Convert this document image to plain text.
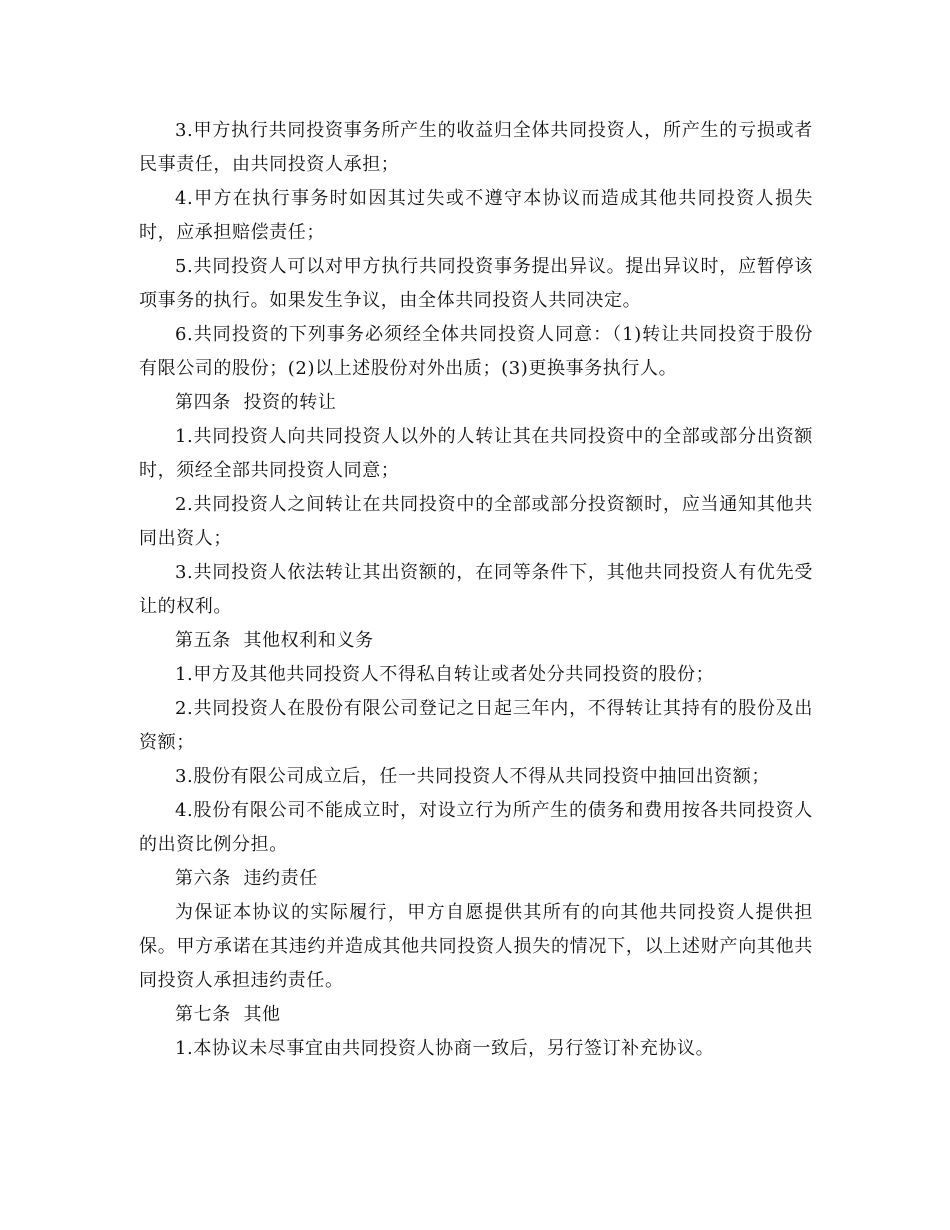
3.甲方执行共同投资事务所产生的收益归全体共同投资人，所产生的亏损或者民事责任，由共同投资人承担；

4.甲方在执行事务时如因其过失或不遵守本协议而造成其他共同投资人损失时，应承担赔偿责任；

5.共同投资人可以对甲方执行共同投资事务提出异议。提出异议时，应暂停该项事务的执行。如果发生争议，由全体共同投资人共同决定。

6.共同投资的下列事务必须经全体共同投资人同意：（1)转让共同投资于股份有限公司的股份；(2)以上述股份对外出质；(3)更换事务执行人。

第四条  投资的转让

1.共同投资人向共同投资人以外的人转让其在共同投资中的全部或部分出资额时，须经全部共同投资人同意；

2.共同投资人之间转让在共同投资中的全部或部分投资额时，应当通知其他共同出资人；

3.共同投资人依法转让其出资额的，在同等条件下，其他共同投资人有优先受让的权利。

第五条  其他权利和义务

1.甲方及其他共同投资人不得私自转让或者处分共同投资的股份；

2.共同投资人在股份有限公司登记之日起三年内，不得转让其持有的股份及出资额；

3.股份有限公司成立后，任一共同投资人不得从共同投资中抽回出资额；

4.股份有限公司不能成立时，对设立行为所产生的债务和费用按各共同投资人的出资比例分担。

第六条  违约责任

为保证本协议的实际履行，甲方自愿提供其所有的向其他共同投资人提供担保。甲方承诺在其违约并造成其他共同投资人损失的情况下，以上述财产向其他共同投资人承担违约责任。

第七条  其他

1.本协议未尽事宜由共同投资人协商一致后，另行签订补充协议。
